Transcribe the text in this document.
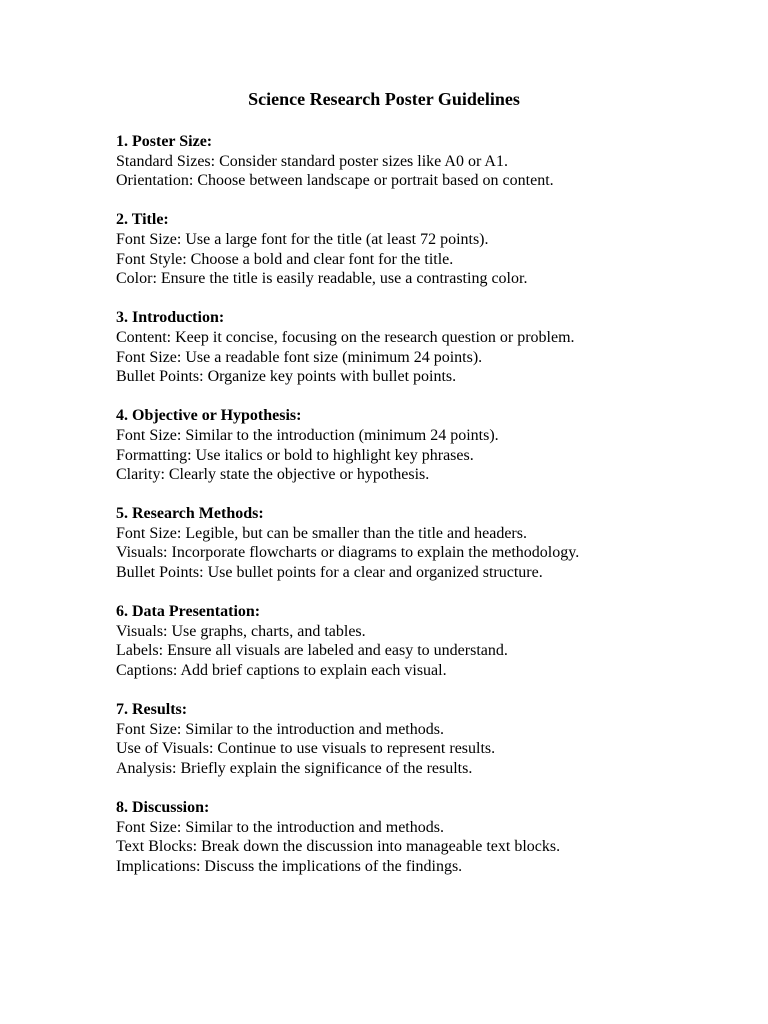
Science Research Poster Guidelines
1. Poster Size:
Standard Sizes: Consider standard poster sizes like A0 or A1.
Orientation: Choose between landscape or portrait based on content.
2. Title:
Font Size: Use a large font for the title (at least 72 points).
Font Style: Choose a bold and clear font for the title.
Color: Ensure the title is easily readable, use a contrasting color.
3. Introduction:
Content: Keep it concise, focusing on the research question or problem.
Font Size: Use a readable font size (minimum 24 points).
Bullet Points: Organize key points with bullet points.
4. Objective or Hypothesis:
Font Size: Similar to the introduction (minimum 24 points).
Formatting: Use italics or bold to highlight key phrases.
Clarity: Clearly state the objective or hypothesis.
5. Research Methods:
Font Size: Legible, but can be smaller than the title and headers.
Visuals: Incorporate flowcharts or diagrams to explain the methodology.
Bullet Points: Use bullet points for a clear and organized structure.
6. Data Presentation:
Visuals: Use graphs, charts, and tables.
Labels: Ensure all visuals are labeled and easy to understand.
Captions: Add brief captions to explain each visual.
7. Results:
Font Size: Similar to the introduction and methods.
Use of Visuals: Continue to use visuals to represent results.
Analysis: Briefly explain the significance of the results.
8. Discussion:
Font Size: Similar to the introduction and methods.
Text Blocks: Break down the discussion into manageable text blocks.
Implications: Discuss the implications of the findings.
